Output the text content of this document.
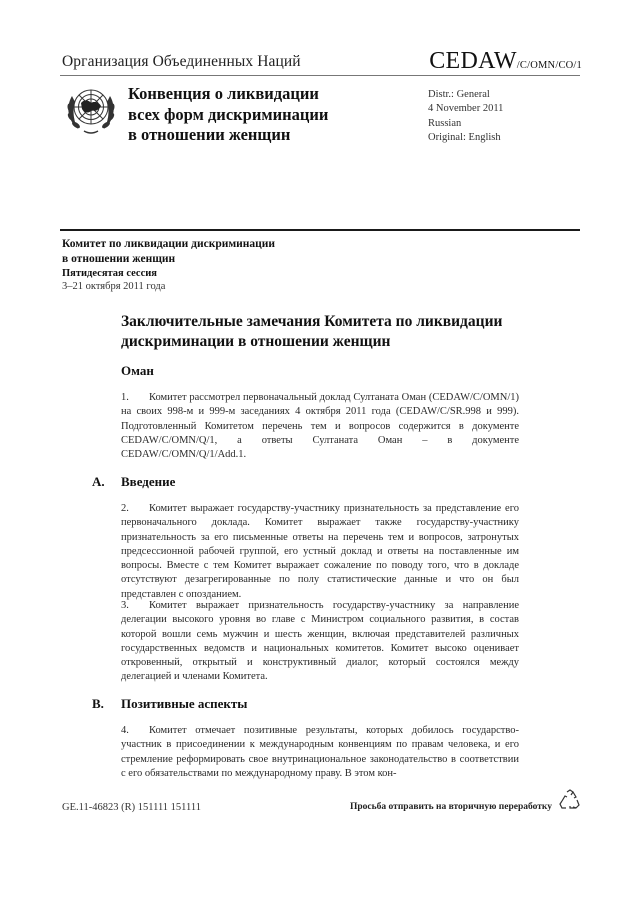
Организация Объединенных Наций	CEDAW/C/OMN/CO/1
Конвенция о ликвидации
всех форм дискриминации
в отношении женщин
Distr.: General
4 November 2011
Russian
Original: English
Комитет по ликвидации дискриминации
в отношении женщин
Пятидесятая сессия
3–21 октября 2011 года
Заключительные замечания Комитета по ликвидации
дискриминации в отношении женщин
Оман
1. Комитет рассмотрел первоначальный доклад Султаната Оман (CEDAW/C/OMN/1) на своих 998-м и 999-м заседаниях 4 октября 2011 года (CEDAW/C/SR.998 и 999). Подготовленный Комитетом перечень тем и вопросов содержится в документе CEDAW/C/OMN/Q/1, а ответы Султаната Оман – в документе CEDAW/C/OMN/Q/1/Add.1.
A. Введение
2. Комитет выражает государству-участнику признательность за представление его первоначального доклада. Комитет выражает также государству-участнику признательность за его письменные ответы на перечень тем и вопросов, затронутых предсессионной рабочей группой, его устный доклад и ответы на поставленные им вопросы. Вместе с тем Комитет выражает сожаление по поводу того, что в докладе отсутствуют дезагрегированные по полу статистические данные и что он был представлен с опозданием.
3. Комитет выражает признательность государству-участнику за направление делегации высокого уровня во главе с Министром социального развития, в состав которой вошли семь мужчин и шесть женщин, включая представителей различных государственных ведомств и национальных комитетов. Комитет высоко оценивает откровенный, открытый и конструктивный диалог, который состоялся между делегацией и членами Комитета.
B. Позитивные аспекты
4. Комитет отмечает позитивные результаты, которых добилось государство-участник в присоединении к международным конвенциям по правам человека, и его стремление реформировать свое внутринациональное законодательство в соответствии с его обязательствами по международному праву. В этом кон-
GE.11-46823 (R) 151111 151111	Просьба отправить на вторичную переработку
